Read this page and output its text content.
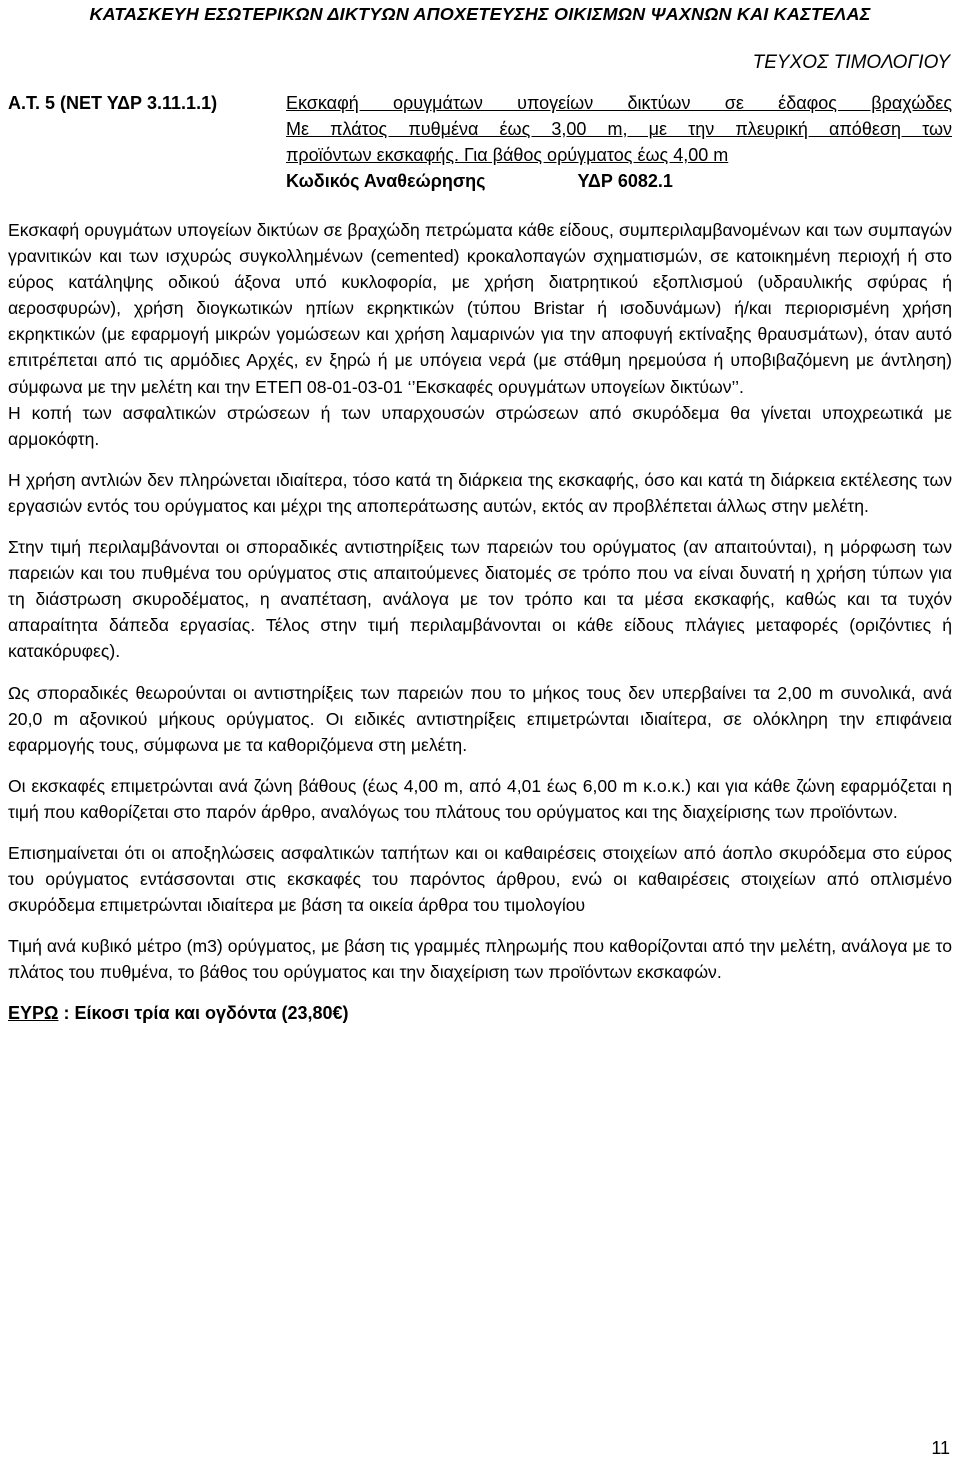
ΚΑΤΑΣΚΕΥΗ ΕΣΩΤΕΡΙΚΩΝ ΔΙΚΤΥΩΝ ΑΠΟΧΕΤΕΥΣΗΣ ΟΙΚΙΣΜΩΝ ΨΑΧΝΩΝ ΚΑΙ ΚΑΣΤΕΛΑΣ
ΤΕΥΧΟΣ ΤΙΜΟΛΟΓΙΟΥ
Α.Τ. 5 (ΝΕΤ ΥΔΡ 3.11.1.1)	Εκσκαφή ορυγμάτων υπογείων δικτύων σε έδαφος βραχώδες
Με πλάτος πυθμένα έως 3,00 m, με την πλευρική απόθεση των
προϊόντων εκσκαφής. Για βάθος ορύγματος έως 4,00 m
Κωδικός Αναθεώρησης	ΥΔΡ 6082.1

Εκσκαφή ορυγμάτων υπογείων δικτύων σε βραχώδη πετρώματα κάθε είδους, συμπεριλαμβανομένων και των συμπαγών γρανιτικών και των ισχυρώς συγκολλημένων (cemented) κροκαλοπαγών σχηματισμών, σε κατοικημένη περιοχή ή στο εύρος κατάληψης οδικού άξονα υπό κυκλοφορία, με χρήση διατρητικού εξοπλισμού (υδραυλικής σφύρας ή αεροσφυρών), χρήση διογκωτικών ηπίων εκρηκτικών (τύπου Bristar ή ισοδυνάμων) ή/και περιορισμένη χρήση εκρηκτικών (με εφαρμογή μικρών γομώσεων και χρήση λαμαρινών για την αποφυγή εκτίναξης θραυσμάτων), όταν αυτό επιτρέπεται από τις αρμόδιες Αρχές, εν ξηρώ ή με υπόγεια νερά (με στάθμη ηρεμούσα ή υποβιβαζόμενη με άντληση) σύμφωνα με την μελέτη και την ΕΤΕΠ 08-01-03-01 ‘’Εκσκαφές ορυγμάτων υπογείων δικτύων’’.

Η κοπή των ασφαλτικών στρώσεων ή των υπαρχουσών στρώσεων από σκυρόδεμα θα γίνεται υποχρεωτικά με αρμοκόφτη.

Η χρήση αντλιών δεν πληρώνεται ιδιαίτερα, τόσο κατά τη διάρκεια της εκσκαφής, όσο και κατά τη διάρκεια εκτέλεσης των εργασιών εντός του ορύγματος και μέχρι της αποπεράτωσης αυτών, εκτός αν προβλέπεται άλλως στην μελέτη.

Στην τιμή περιλαμβάνονται οι σποραδικές αντιστηρίξεις των παρειών του ορύγματος (αν απαιτούνται), η μόρφωση των παρειών και του πυθμένα του ορύγματος στις απαιτούμενες διατομές σε τρόπο που να είναι δυνατή η χρήση τύπων για τη διάστρωση σκυροδέματος, η αναπέταση, ανάλογα με τον τρόπο και τα μέσα εκσκαφής, καθώς και τα τυχόν απαραίτητα δάπεδα εργασίας. Τέλος στην τιμή περιλαμβάνονται οι κάθε είδους πλάγιες μεταφορές (οριζόντιες ή κατακόρυφες).

Ως σποραδικές θεωρούνται οι αντιστηρίξεις των παρειών που το μήκος τους δεν υπερβαίνει τα 2,00 m συνολικά, ανά 20,0 m αξονικού μήκους ορύγματος. Οι ειδικές αντιστηρίξεις επιμετρώνται ιδιαίτερα, σε ολόκληρη την επιφάνεια εφαρμογής τους, σύμφωνα με τα καθοριζόμενα στη μελέτη.

Οι εκσκαφές επιμετρώνται ανά ζώνη βάθους (έως 4,00 m, από 4,01 έως 6,00 m κ.ο.κ.) και για κάθε ζώνη εφαρμόζεται η τιμή που καθορίζεται στο παρόν άρθρο, αναλόγως του πλάτους του ορύγματος και της διαχείρισης των προϊόντων.

Επισημαίνεται ότι οι αποξηλώσεις ασφαλτικών ταπήτων και οι καθαιρέσεις στοιχείων από άοπλο σκυρόδεμα στο εύρος του ορύγματος εντάσσονται στις εκσκαφές του παρόντος άρθρου, ενώ οι καθαιρέσεις στοιχείων από οπλισμένο σκυρόδεμα επιμετρώνται ιδιαίτερα με βάση τα οικεία άρθρα του τιμολογίου

Τιμή ανά κυβικό μέτρο (m3) ορύγματος, με βάση τις γραμμές πληρωμής που καθορίζονται από την μελέτη, ανάλογα με το πλάτος του πυθμένα, το βάθος του ορύγματος και την διαχείριση των προϊόντων εκσκαφών.

ΕΥΡΩ : Είκοσι τρία και ογδόντα (23,80€)
11
